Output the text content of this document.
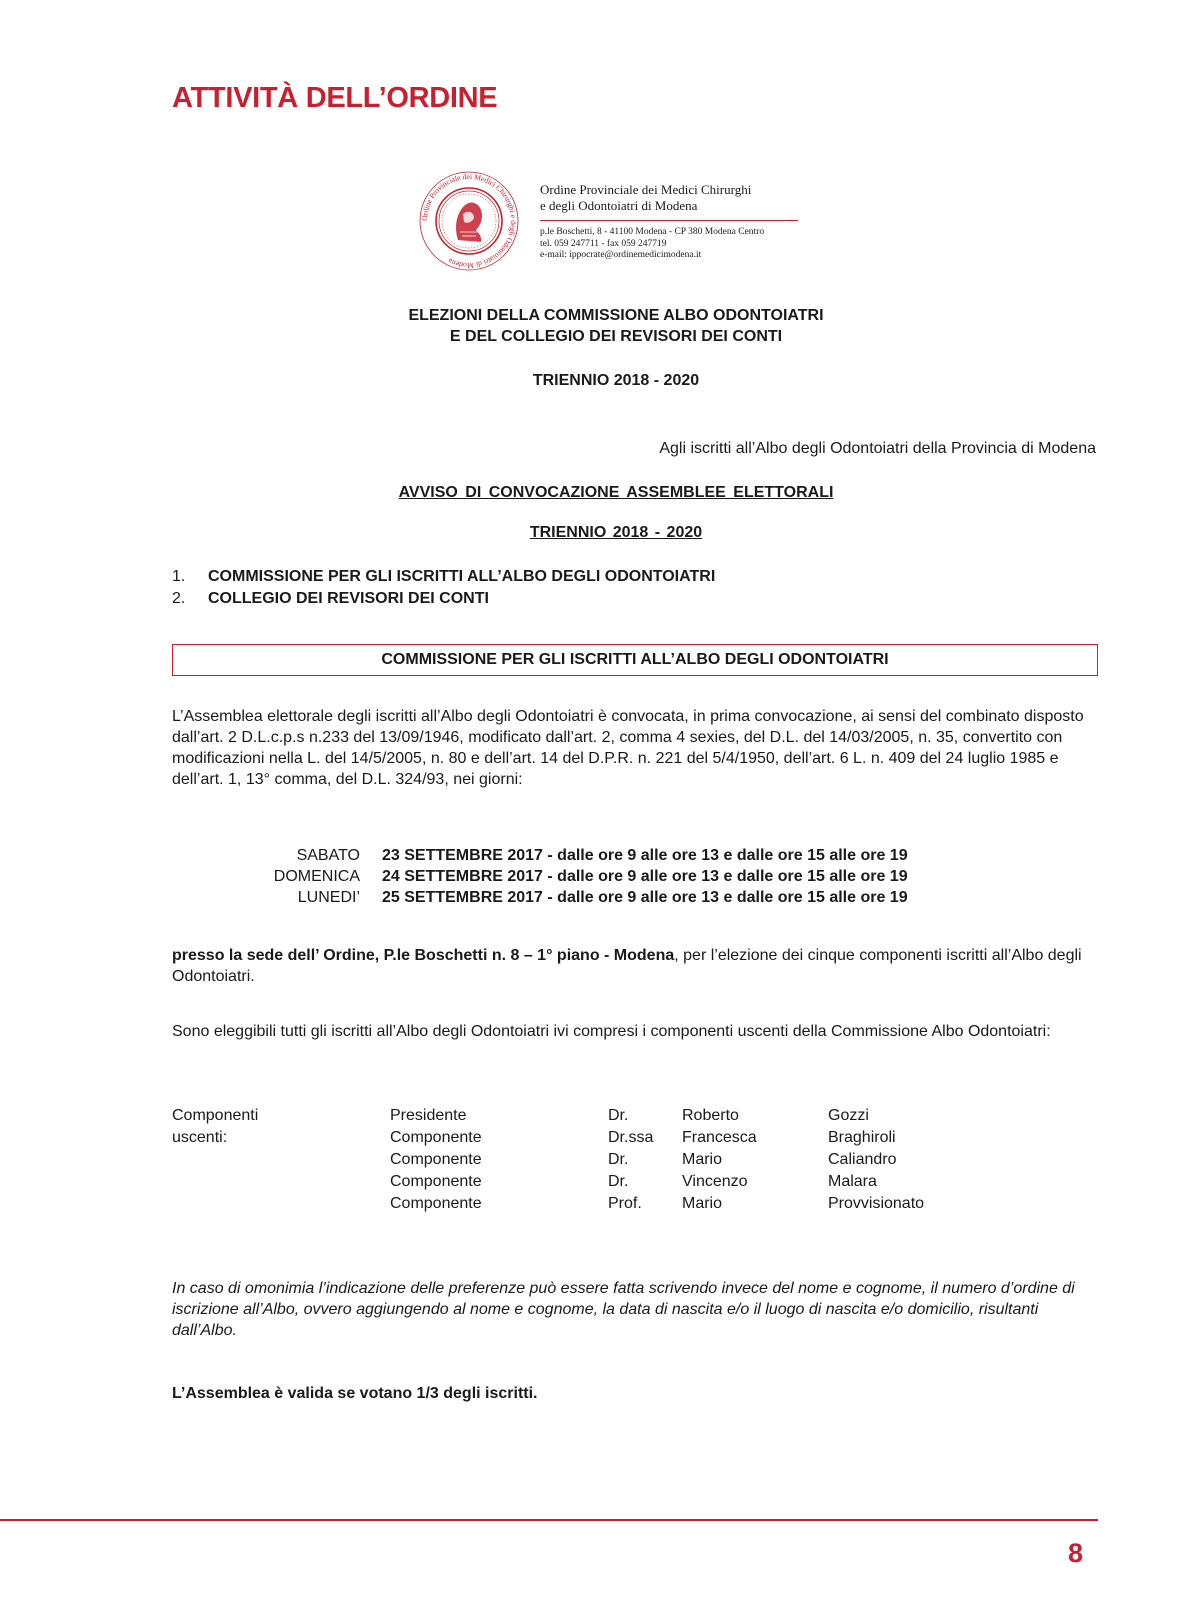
ATTIVITÀ DELL’ORDINE
Ordine Provinciale dei Medici Chirurghi e degli Odontoiatri di Modena
Ordine Provinciale dei Medici Chirurghi
e degli Odontoiatri di Modena
p.le Boschetti, 8 - 41100 Modena - CP 380 Modena Centro
tel. 059 247711 - fax 059 247719
e-mail: ippocrate@ordinemedicimodena.it
ELEZIONI DELLA COMMISSIONE ALBO ODONTOIATRI
E DEL COLLEGIO DEI REVISORI DEI CONTI
TRIENNIO 2018 - 2020
Agli iscritti all’Albo degli Odontoiatri della Provincia di Modena
AVVISO DI CONVOCAZIONE ASSEMBLEE ELETTORALI
TRIENNIO 2018 - 2020
1.	COMMISSIONE PER GLI ISCRITTI ALL’ALBO DEGLI ODONTOIATRI
2.	COLLEGIO DEI REVISORI DEI CONTI
COMMISSIONE PER GLI ISCRITTI ALL’ALBO DEGLI ODONTOIATRI
L’Assemblea elettorale degli iscritti all’Albo degli Odontoiatri è convocata, in prima convocazione, ai sensi del combinato disposto dall’art. 2 D.L.c.p.s n.233 del 13/09/1946, modificato dall’art. 2, comma 4 sexies, del D.L. del 14/03/2005, n. 35, convertito con modificazioni nella L. del 14/5/2005, n. 80 e dell’art. 14 del D.P.R. n. 221 del 5/4/1950, dell’art. 6 L. n. 409 del 24 luglio 1985 e dell’art. 1, 13° comma, del D.L. 324/93, nei giorni:
SABATO	23 SETTEMBRE 2017 - dalle ore 9 alle ore 13 e dalle ore 15 alle ore 19
DOMENICA	24 SETTEMBRE 2017 - dalle ore 9 alle ore 13 e dalle ore 15 alle ore 19
LUNEDI’	25 SETTEMBRE 2017 - dalle ore 9 alle ore 13 e dalle ore 15 alle ore 19
presso la sede dell’ Ordine, P.le Boschetti n. 8 – 1° piano - Modena, per l’elezione dei cinque componenti iscritti all’Albo degli Odontoiatri.
Sono eleggibili tutti gli iscritti all’Albo degli Odontoiatri ivi compresi i componenti uscenti della Commissione Albo Odontoiatri:
Componenti uscenti:
Presidente	Dr.	Roberto	Gozzi
Componente	Dr.ssa Francesca	Braghiroli
Componente	Dr.	Mario	Caliandro
Componente	Dr.	Vincenzo	Malara
Componente	Prof.	Mario	Provvisionato
In caso di omonimia l’indicazione delle preferenze può essere fatta scrivendo invece del nome e cognome, il numero d’ordine di iscrizione all’Albo, ovvero aggiungendo al nome e cognome, la data di nascita e/o il luogo di nascita e/o domicilio, risultanti dall’Albo.
L’Assemblea è valida se votano 1/3 degli iscritti.
8
